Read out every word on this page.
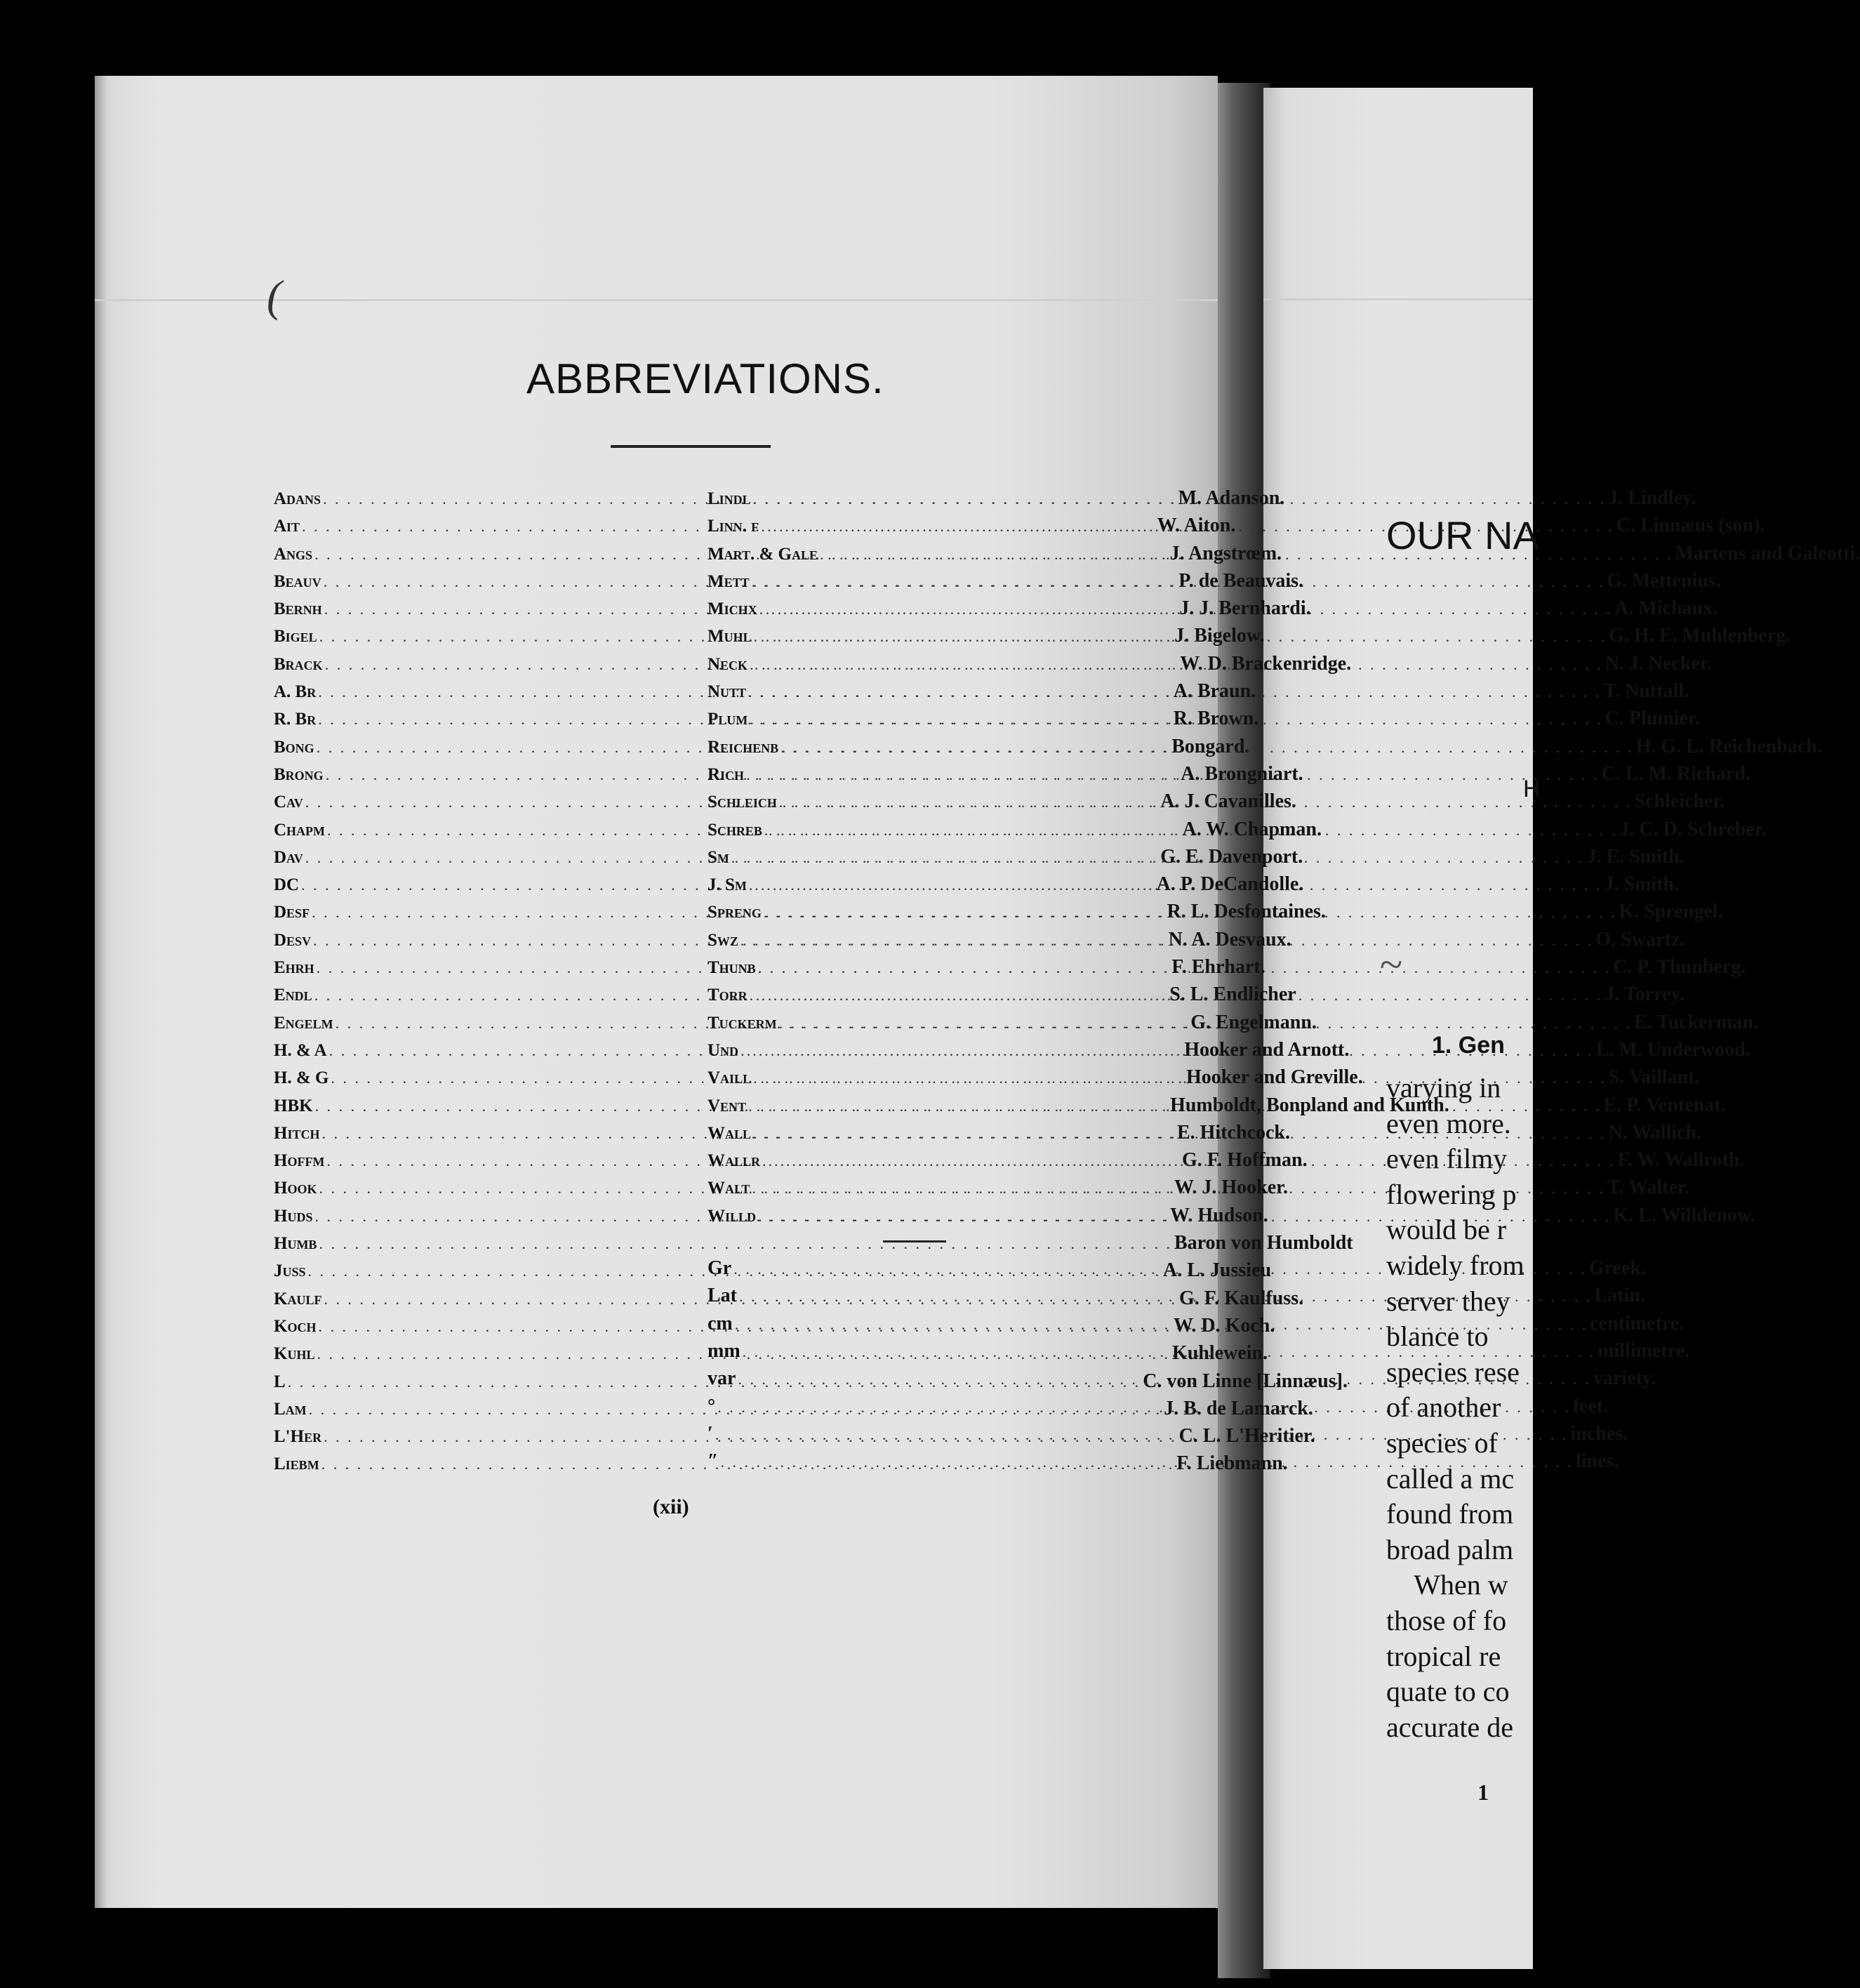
(
ABBREVIATIONS.
Adans . . .	M. Adanson.
Ait . . .	W. Aiton.
Angs . . .	J. Angstrœm.
Beauv . . .	P. de Beauvais.
Bernh . . .	J. J. Bernhardi.
Bigel . . .	J. Bigelow.
Brack . . .	W. D. Brackenridge.
A. Br . . .	A. Braun.
R. Br . . .	R. Brown.
Bong . . .	Bongard.
Brong . . .	A. Brongniart.
Cav . . .	A. J. Cavanilles.
Chapm . . .	A. W. Chapman.
Dav . . .	G. E. Davenport.
DC . . .	A. P. DeCandolle.
Desf . . .	R. L. Desfontaines.
Desv . . .	N. A. Desvaux.
Ehrh . . .	F. Ehrhart.
Endl . . .	S. L. Endlicher
Engelm . . .	G. Engelmann.
H. & A . . .	Hooker and Arnott.
H. & G . . .	Hooker and Greville.
HBK . . .	Humboldt, Bonpland and Kunth.
Hitch . . .	E. Hitchcock.
Hoffm . . .	G. F. Hoffman.
Hook . . .	W. J. Hooker.
Huds . . .	W. Hudson.
Humb . . .	Baron von Humboldt
Juss . . .	A. L. Jussieu
Kaulf . . .	G. F. Kaulfuss.
Koch . . .	W. D. Koch.
Kuhl . . .	Kuhlewein.
L . . .	C. von Linne [Linnæus].
Lam . . .	J. B. de Lamarck.
L'Her . . .	C. L. L'Heritier.
Liebm . . .	F. Liebmann.
Lindl . . .	J. Lindley.
Linn. f . . .	C. Linnæus (son).
Mart. & Gale . . .	Martens and Galeotti.
Mett . . .	G. Mettenius.
Michx . . .	A. Michaux.
Muhl . . .	G. H. E. Muhlenberg.
Neck . . .	N. J. Necker.
Nutt . . .	T. Nuttall.
Plum . . .	C. Plumier.
Reichenb . . .	H. G. L. Reichenbach.
Rich . . .	C. L. M. Richard.
Schleich . . .	Schleicher.
Schreb . . .	J. C. D. Schreber.
Sm . . .	J. E. Smith.
J. Sm . . .	J. Smith.
Spreng . . .	K. Sprengel.
Swz . . .	O. Swartz.
Thunb . . .	C. P. Thunberg.
Torr . . .	J. Torrey.
Tuckerm . . .	E. Tuckerman.
Und . . .	L. M. Underwood.
Vaill . . .	S. Vaillant.
Vent . . .	E. P. Ventenat.
Wall . . .	N. Wallich.
Wallr . . .	F. W. Wallroth.
Walt . . .	T. Walter.
Willd . . .	K. L. Willdenow.
Gr . . .	Greek.
Lat . . .	Latin.
cm . . .	centimetre.
mm . . .	millimetre.
var . . .	variety.
° . . .	feet.
′ . . .	inches.
″ . . .	lines.
(xii)
OUR NA
H
~
1. Gen
varying in
even more.
even filmy
flowering p
would be r
widely from
server they
blance to
species rese
of another
species of
called a mc
found from
broad palm
When w
those of fo
tropical re
quate to co
accurate de
1
